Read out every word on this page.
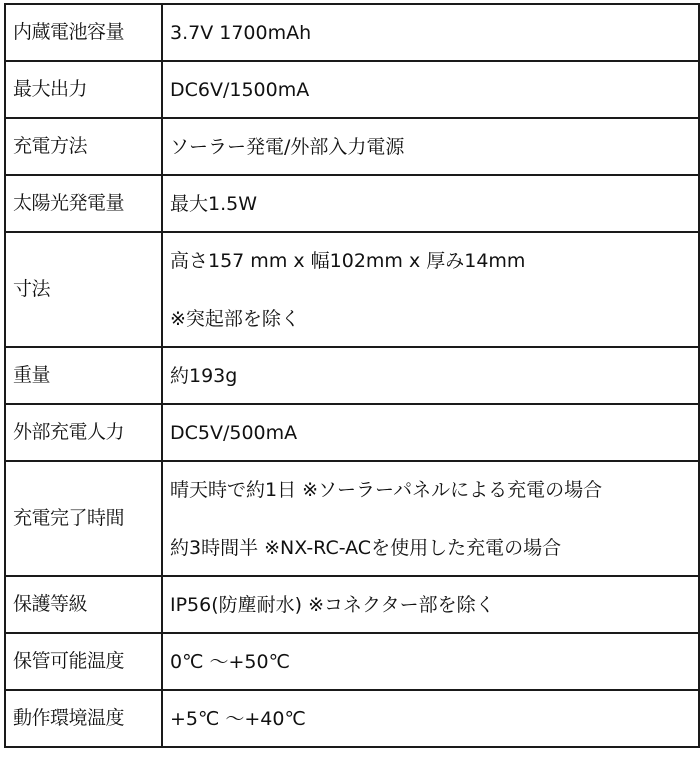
内蔵電池容量	3.7V 1700mAh

最大出力	DC6V/1500mA

充電方法	ソーラー発電/外部入力電源

太陽光発電量	最大1.5W

寸法	高さ157 mm x 幅102mm x 厚み14mm
※突起部を除く

重量	約193g

外部充電人力	DC5V/500mA

充電完了時間	晴天時で約1日 ※ソーラーパネルによる充電の場合
約3時間半 ※NX-RC-ACを使用した充電の場合

保護等級	IP56(防塵耐水) ※コネクター部を除く

保管可能温度	0℃ ～+50℃

動作環境温度	+5℃ ～+40℃
